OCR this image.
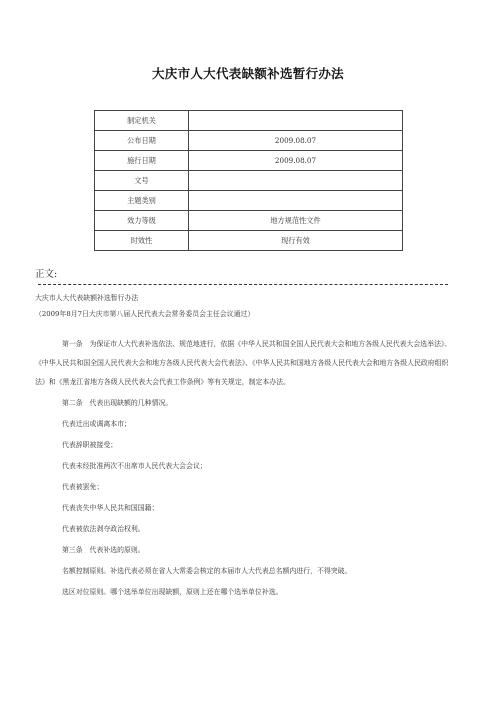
大庆市人大代表缺额补选暂行办法
制定机关	
公布日期	2009.08.07
施行日期	2009.08.07
文号	
主题类别	
效力等级	地方规范性文件
时效性	现行有效
正文:

大庆市人大代表缺额补选暂行办法

（2009年8月7日大庆市第八届人民代表大会常务委员会主任会议通过）

第一条　为保证市人大代表补选依法、规范地进行，依据《中华人民共和国全国人民代表大会和地方各级人民代表大会选举法》、《中华人民共和国全国人民代表大会和地方各级人民代表大会代表法》、《中华人民共和国地方各级人民代表大会和地方各级人民政府组织法》和《黑龙江省地方各级人民代表大会代表工作条例》等有关规定，制定本办法。

第二条　代表出现缺额的几种情况。

代表迁出或调离本市；

代表辞职被接受；

代表未经批准两次不出席市人民代表大会会议；

代表被罢免；

代表丧失中华人民共和国国籍；

代表被依法剥夺政治权利。

第三条　代表补选的原则。

名额控制原则。补选代表必须在省人大常委会核定的本届市人大代表总名额内进行，不得突破。

选区对位原则。哪个选举单位出现缺额，原则上还在哪个选举单位补选。
